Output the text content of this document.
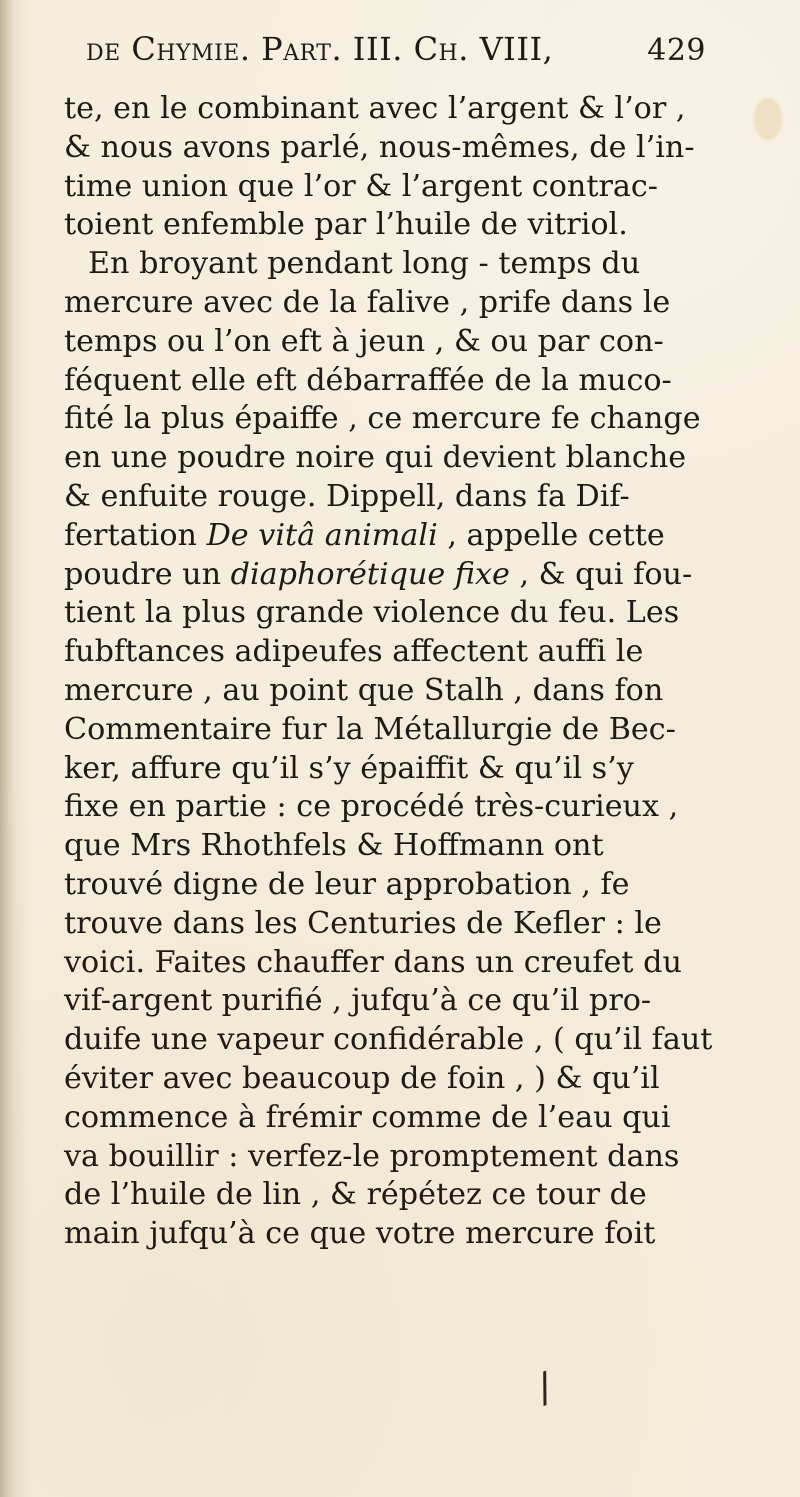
de Chymie. Part. III. Ch. VIII,	429
te, en le combinant avec l’argent & l’or ,
& nous avons parlé, nous-mêmes, de l’in-
time union que l’or & l’argent contrac-
toient enfemble par l’huile de vitriol.
En broyant pendant long - temps du
mercure avec de la falive , prife dans le
temps ou l’on eft à jeun , & ou par con-
féquent elle eft débarraffée de la muco-
fité la plus épaiffe , ce mercure fe change
en une poudre noire qui devient blanche
& enfuite rouge. Dippell, dans fa Dif-
fertation De vitâ animali , appelle cette
poudre un diaphorétique fixe , & qui fou-
tient la plus grande violence du feu. Les
fubftances adipeufes affectent auffi le
mercure , au point que Stalh , dans fon
Commentaire fur la Métallurgie de Bec-
ker, affure qu’il s’y épaiffit & qu’il s’y
fixe en partie : ce procédé très-curieux ,
que Mrs Rhothfels & Hoffmann ont
trouvé digne de leur approbation , fe
trouve dans les Centuries de Kefler : le
voici. Faites chauffer dans un creufet du
vif-argent purifié , jufqu’à ce qu’il pro-
duife une vapeur confidérable , ( qu’il faut
éviter avec beaucoup de foin , ) & qu’il
commence à frémir comme de l’eau qui
va bouillir : verfez-le promptement dans
de l’huile de lin , & répétez ce tour de
main jufqu’à ce que votre mercure foit
/
